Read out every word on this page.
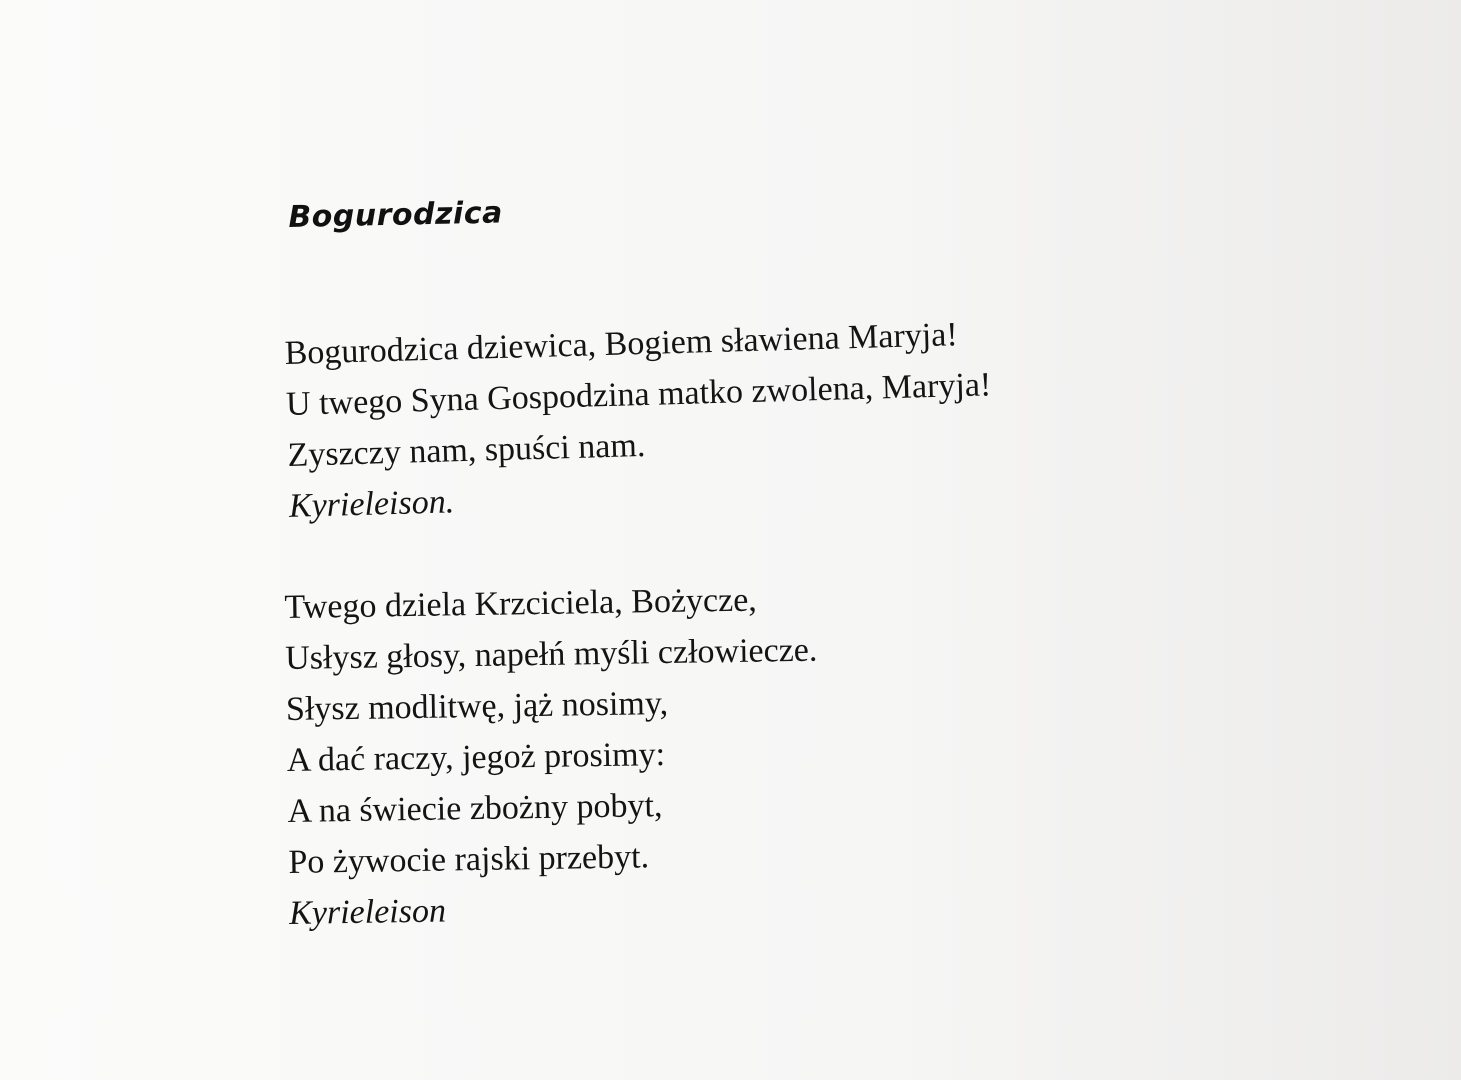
Bogurodzica
Bogurodzica dziewica, Bogiem sławiena Maryja!
U twego Syna Gospodzina matko zwolena, Maryja!
Zyszczy nam, spuści nam.
Kyrieleison.
Twego dziela Krzciciela, Bożycze,
Usłysz głosy, napełń myśli człowiecze.
Słysz modlitwę, jąż nosimy,
A dać raczy, jegoż prosimy:
A na świecie zbożny pobyt,
Po żywocie rajski przebyt.
Kyrieleison
